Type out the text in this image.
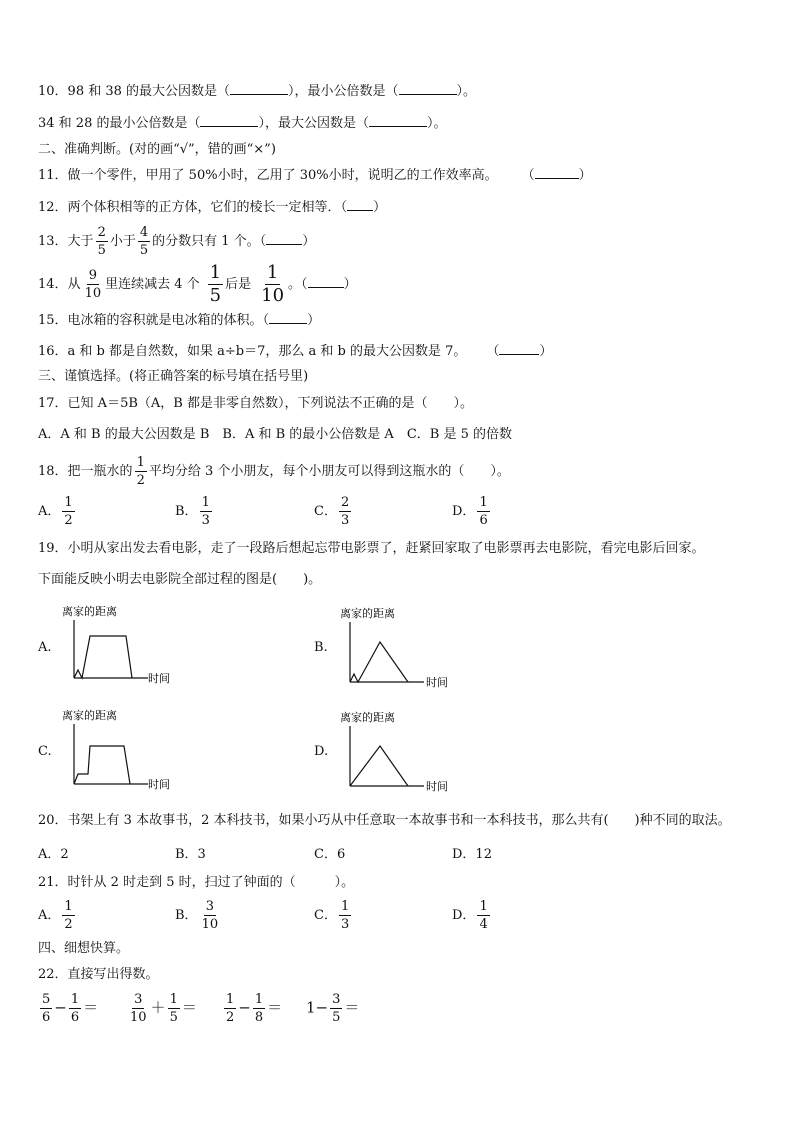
10．98 和 38 的最大公因数是（	），最小公倍数是（	）。
34 和 28 的最小公倍数是（	），最大公因数是（	）。
二、准确判断。(对的画“√”，错的画“×”)
11．做一个零件，甲用了 50%小时，乙用了 30%小时，说明乙的工作效率高。 （	）
12．两个体积相等的正方体，它们的棱长一定相等．（ ）
13．大于 $\frac{2}{5}$ 小于 $\frac{4}{5}$ 的分数只有 1 个。（	）
14．从 $\frac{9}{10}$ 里连续减去 4 个 $\frac{1}{5}$ 后是 $\frac{1}{10}$ 。（	）
15．电冰箱的容积就是电冰箱的体积。（	）
16．a 和 b 都是自然数，如果 a÷b＝7，那么 a 和 b 的最大公因数是 7。 （	）
三、谨慎选择。(将正确答案的标号填在括号里)
17．已知 A＝5B（A，B 都是非零自然数），下列说法不正确的是（　　）。
A．A 和 B 的最大公因数是 B　B．A 和 B 的最小公倍数是 A　C．B 是 5 的倍数
18．把一瓶水的 $\frac{1}{2}$ 平均分给 3 个小朋友，每个小朋友可以得到这瓶水的（　　）。
A． $\frac{1}{2}$	B． $\frac{1}{3}$	C． $\frac{2}{3}$	D． $\frac{1}{6}$
19．小明从家出发去看电影，走了一段路后想起忘带电影票了，赶紧回家取了电影票再去电影院，看完电影后回家。
下面能反映小明去电影院全部过程的图是(　　)。
A.
离家的距离
时间
B.
离家的距离
时间
C.
离家的距离
时间
D.
离家的距离
时间
20．书架上有 3 本故事书，2 本科技书，如果小巧从中任意取一本故事书和一本科技书，那么共有(　　)种不同的取法。
A．2	B．3	C．6	D．12
21．时针从 2 时走到 5 时，扫过了钟面的（　　　）。
A． $\frac{1}{2}$	B． $\frac{3}{10}$	C． $\frac{1}{3}$	D． $\frac{1}{4}$
四、细想快算。
22．直接写出得数。
$\frac{5}{6} - \frac{1}{6} = \frac{3}{10} + \frac{1}{5} = \frac{1}{2} - \frac{1}{8} = 1- \frac{3}{5}$ ＝
